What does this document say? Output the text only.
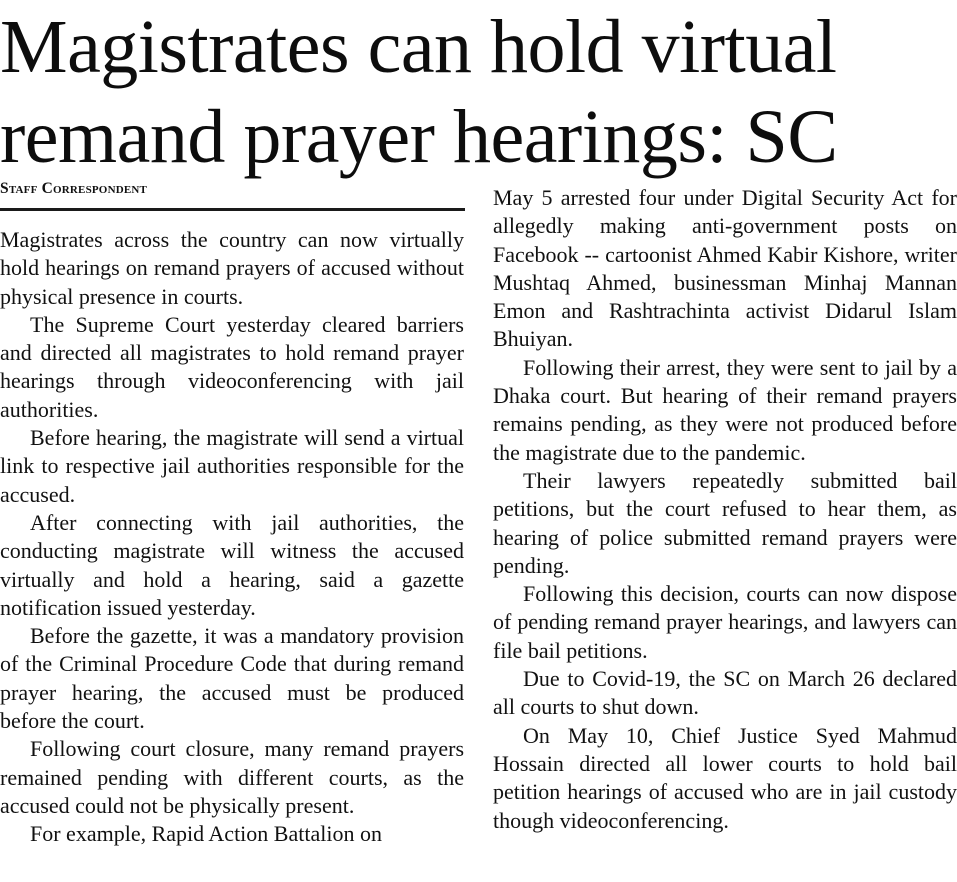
Magistrates can hold virtual
remand prayer hearings: SC
Staff Correspondent

Magistrates across the country can now virtually hold hearings on remand prayers of accused without physical presence in courts.

The Supreme Court yesterday cleared barriers and directed all magistrates to hold remand prayer hearings through videoconferencing with jail authorities.

Before hearing, the magistrate will send a virtual link to respective jail authorities responsible for the accused.

After connecting with jail authorities, the conducting magistrate will witness the accused virtually and hold a hearing, said a gazette notification issued yesterday.

Before the gazette, it was a mandatory provision of the Criminal Procedure Code that during remand prayer hearing, the accused must be produced before the court.

Following court closure, many remand prayers remained pending with different courts, as the accused could not be physically present.

For example, Rapid Action Battalion on

May 5 arrested four under Digital Security Act for allegedly making anti-government posts on Facebook -- cartoonist Ahmed Kabir Kishore, writer Mushtaq Ahmed, businessman Minhaj Mannan Emon and Rashtrachinta activist Didarul Islam Bhuiyan.

Following their arrest, they were sent to jail by a Dhaka court. But hearing of their remand prayers remains pending, as they were not produced before the magistrate due to the pandemic.

Their lawyers repeatedly submitted bail petitions, but the court refused to hear them, as hearing of police submitted remand prayers were pending.

Following this decision, courts can now dispose of pending remand prayer hearings, and lawyers can file bail petitions.

Due to Covid-19, the SC on March 26 declared all courts to shut down.

On May 10, Chief Justice Syed Mahmud Hossain directed all lower courts to hold bail petition hearings of accused who are in jail custody though videoconferencing.
